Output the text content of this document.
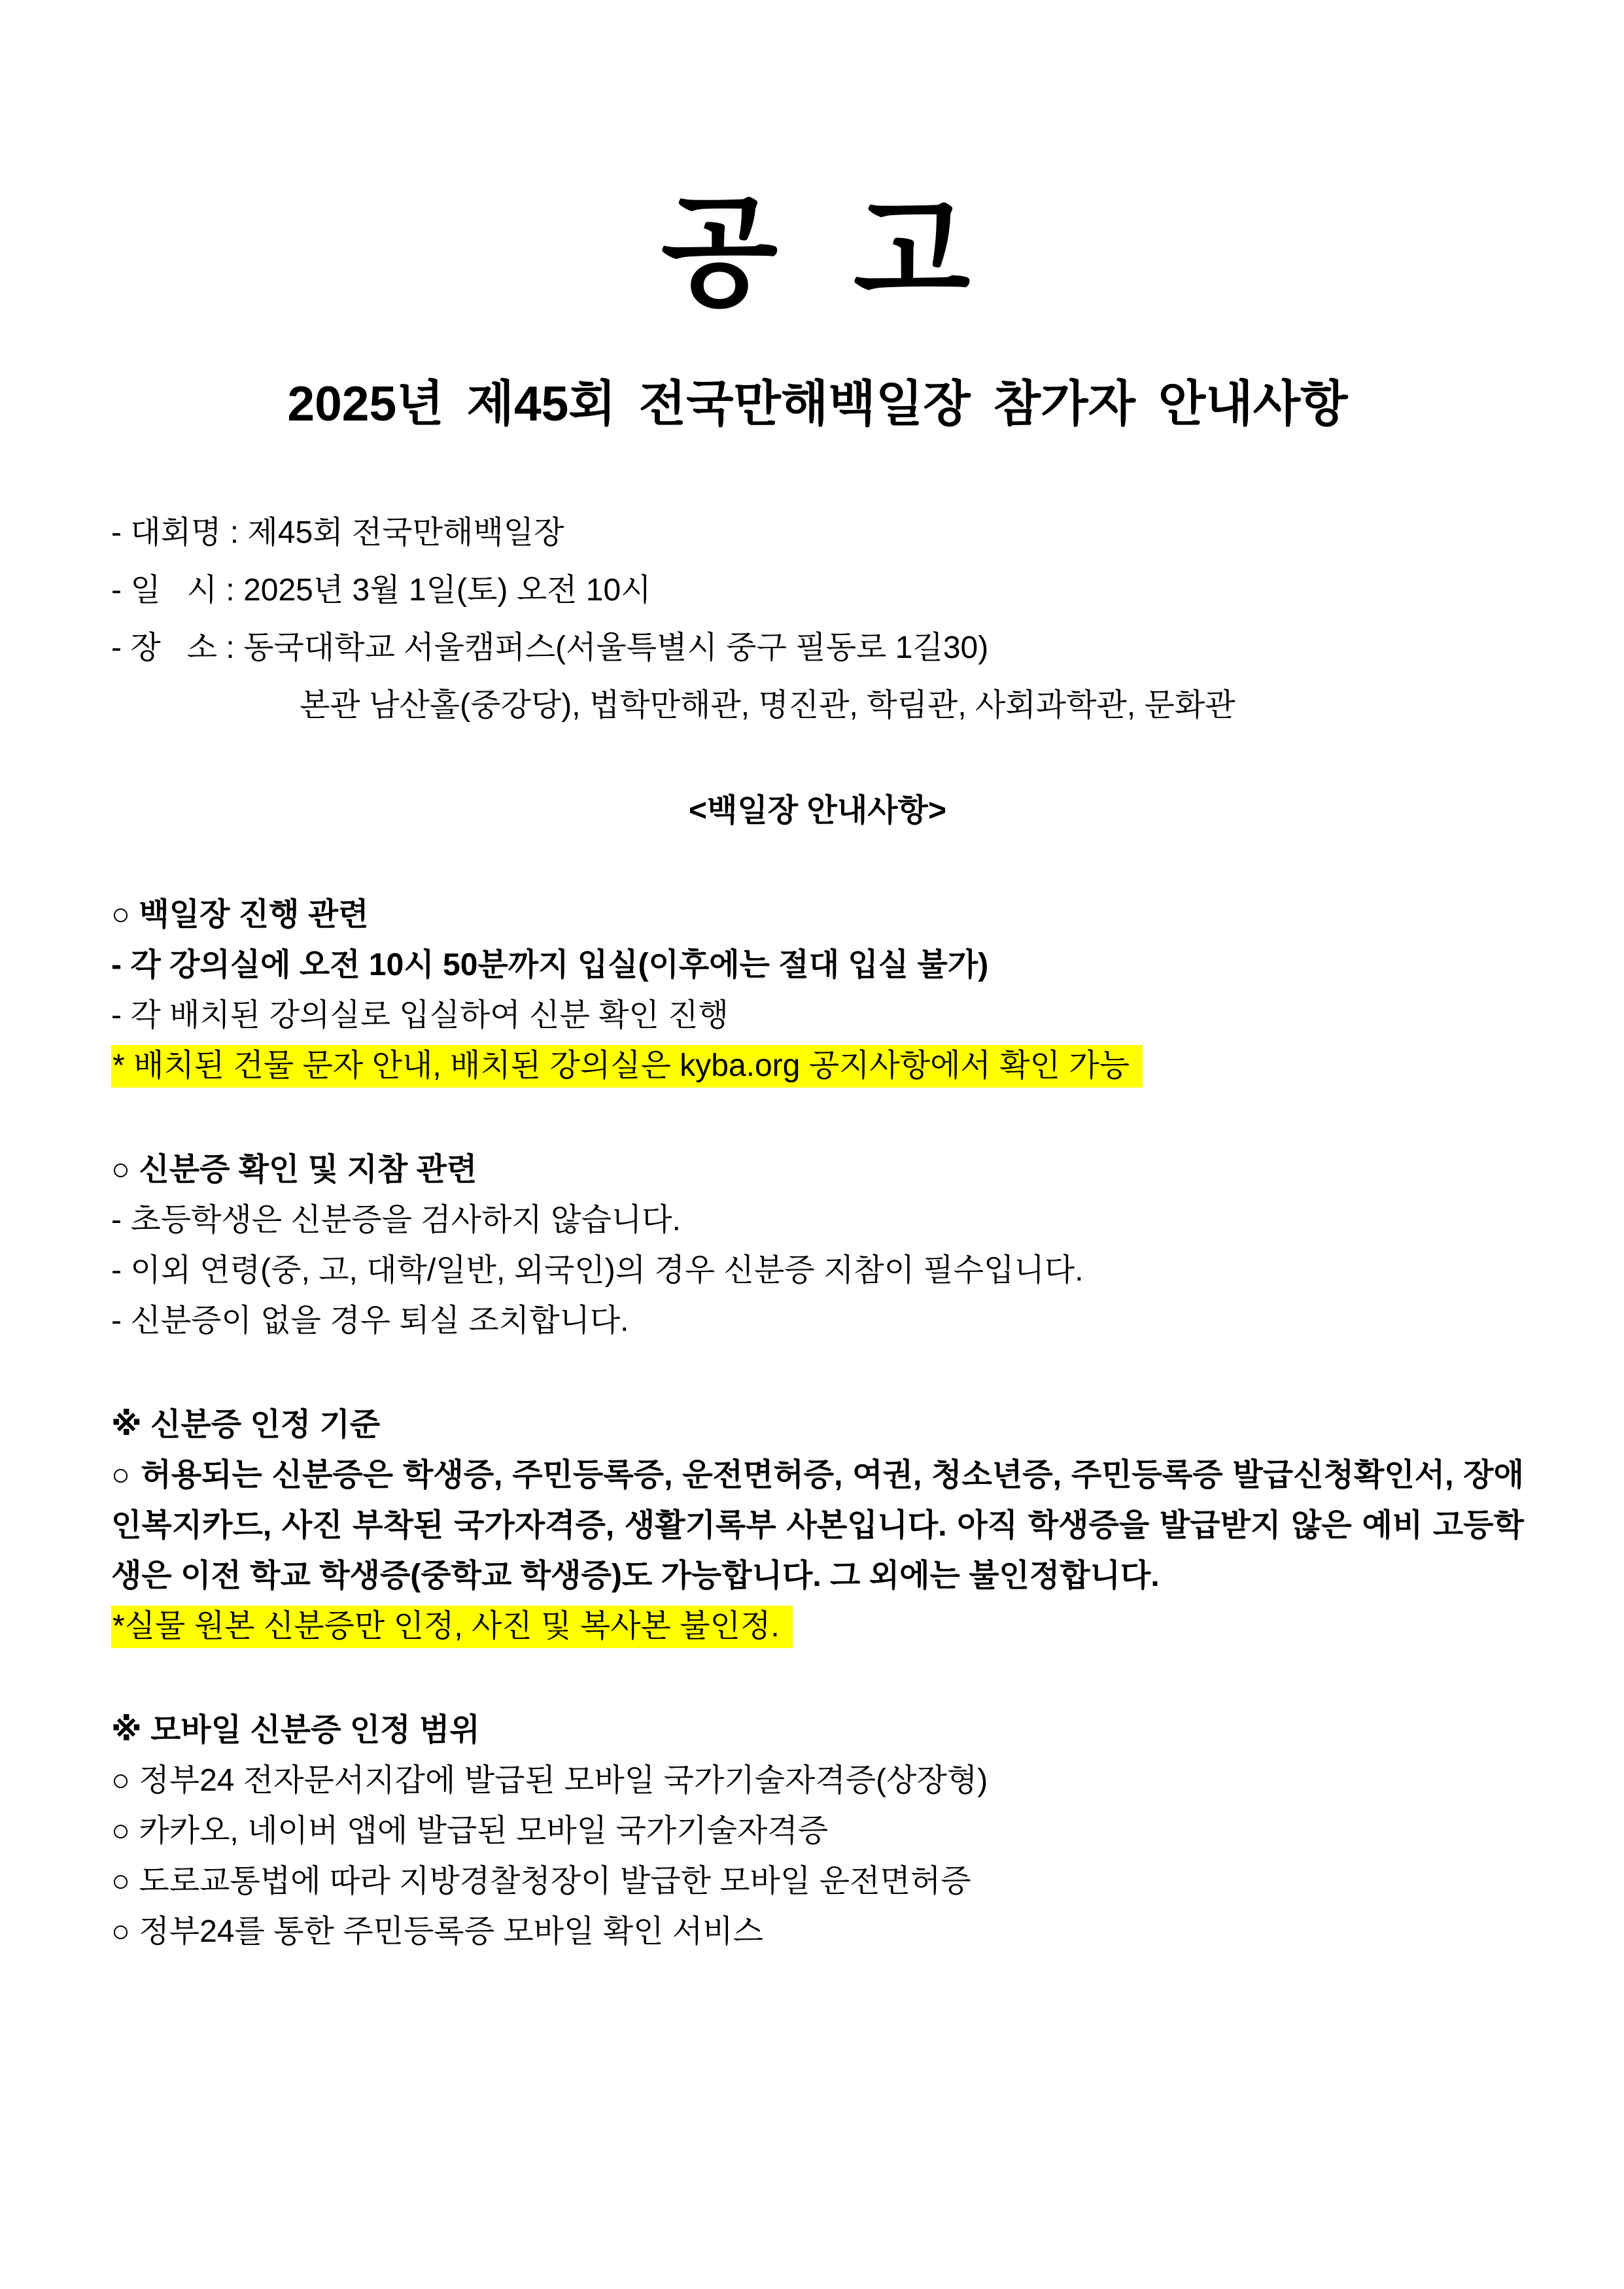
공 고
2025년 제45회 전국만해백일장 참가자 안내사항

- 대회명 : 제45회 전국만해백일장

- 일   시 : 2025년 3월 1일(토) 오전 10시

- 장   소 : 동국대학교 서울캠퍼스(서울특별시 중구 필동로 1길30)

본관 남산홀(중강당), 법학만해관, 명진관, 학림관, 사회과학관, 문화관

<백일장 안내사항>

○ 백일장 진행 관련

- 각 강의실에 오전 10시 50분까지 입실(이후에는 절대 입실 불가)

- 각 배치된 강의실로 입실하여 신분 확인 진행

* 배치된 건물 문자 안내, 배치된 강의실은 kyba.org 공지사항에서 확인 가능

○ 신분증 확인 및 지참 관련

- 초등학생은 신분증을 검사하지 않습니다.

- 이외 연령(중, 고, 대학/일반, 외국인)의 경우 신분증 지참이 필수입니다.

- 신분증이 없을 경우 퇴실 조치합니다.

※ 신분증 인정 기준

○ 허용되는 신분증은 학생증, 주민등록증, 운전면허증, 여권, 청소년증, 주민등록증 발급신청확인서, 장애인복지카드, 사진 부착된 국가자격증, 생활기록부 사본입니다. 아직 학생증을 발급받지 않은 예비 고등학생은 이전 학교 학생증(중학교 학생증)도 가능합니다. 그 외에는 불인정합니다.

*실물 원본 신분증만 인정, 사진 및 복사본 불인정.

※ 모바일 신분증 인정 범위

○ 정부24 전자문서지갑에 발급된 모바일 국가기술자격증(상장형)

○ 카카오, 네이버 앱에 발급된 모바일 국가기술자격증

○ 도로교통법에 따라 지방경찰청장이 발급한 모바일 운전면허증

○ 정부24를 통한 주민등록증 모바일 확인 서비스
